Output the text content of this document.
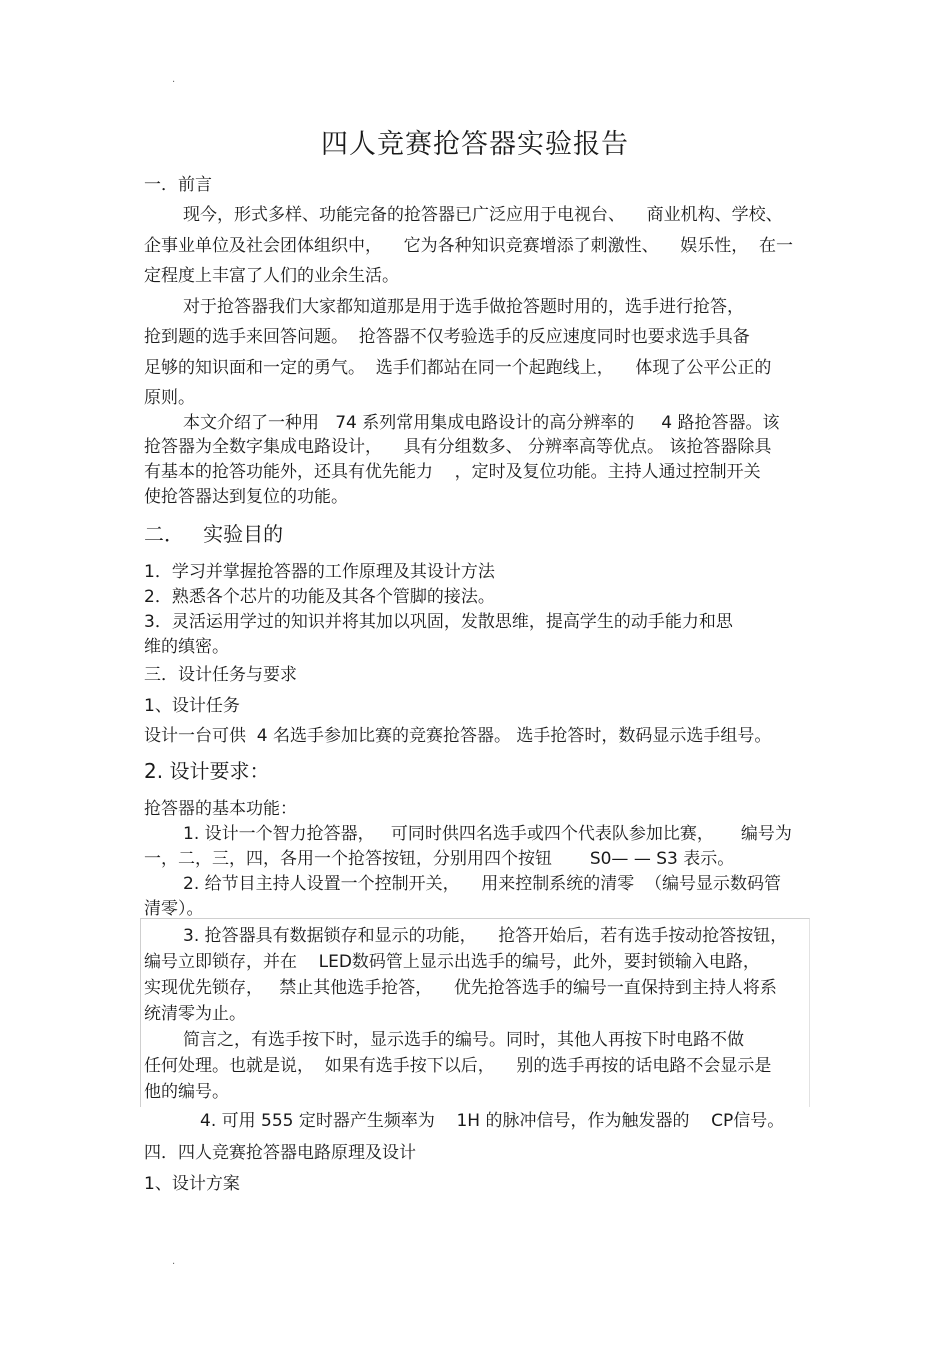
.
四人竞赛抢答器实验报告
一．前言
现今，形式多样、功能完备的抢答器已广泛应用于电视台、    商业机构、学校、
企事业单位及社会团体组织中，    它为各种知识竞赛增添了刺激性、    娱乐性，  在一
定程度上丰富了人们的业余生活。
对于抢答器我们大家都知道那是用于选手做抢答题时用的，选手进行抢答，
抢到题的选手来回答问题。  抢答器不仅考验选手的反应速度同时也要求选手具备
足够的知识面和一定的勇气。  选手们都站在同一个起跑线上，    体现了公平公正的
原则。
本文介绍了一种用   74 系列常用集成电路设计的高分辨率的     4 路抢答器。该
抢答器为全数字集成电路设计，    具有分组数多、 分辨率高等优点。 该抢答器除具
有基本的抢答功能外，还具有优先能力    ，定时及复位功能。主持人通过控制开关
使抢答器达到复位的功能。
二．   实验目的
1．学习并掌握抢答器的工作原理及其设计方法
2．熟悉各个芯片的功能及其各个管脚的接法。
3．灵活运用学过的知识并将其加以巩固，发散思维，提高学生的动手能力和思
维的缜密。
三．设计任务与要求
1、设计任务
设计一台可供  4 名选手参加比赛的竞赛抢答器。 选手抢答时，数码显示选手组号。
2. 设计要求：
抢答器的基本功能：
1. 设计一个智力抢答器，   可同时供四名选手或四个代表队参加比赛，     编号为
一，二，三，四，各用一个抢答按钮，分别用四个按钮       S0— — S3 表示。
2. 给节目主持人设置一个控制开关，    用来控制系统的清零  （编号显示数码管
清零）。
3. 抢答器具有数据锁存和显示的功能，    抢答开始后，若有选手按动抢答按钮，
编号立即锁存，并在    LED数码管上显示出选手的编号，此外，要封锁输入电路，
实现优先锁存，   禁止其他选手抢答，    优先抢答选手的编号一直保持到主持人将系
统清零为止。
简言之，有选手按下时，显示选手的编号。同时，其他人再按下时电路不做
任何处理。也就是说，  如果有选手按下以后，    别的选手再按的话电路不会显示是
他的编号。
4. 可用 555 定时器产生频率为    1H 的脉冲信号，作为触发器的    CP信号。
四．四人竞赛抢答器电路原理及设计
1、设计方案
.
